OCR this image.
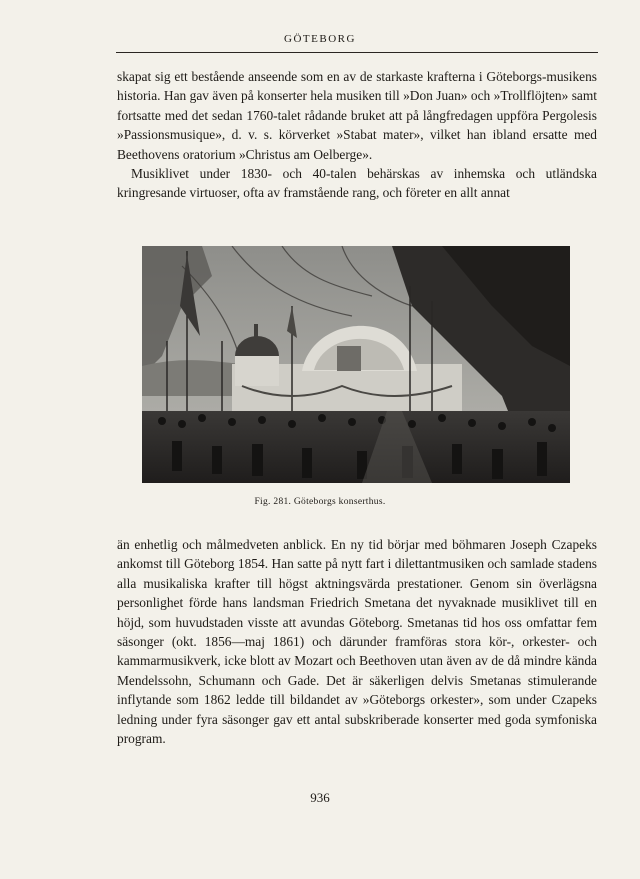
GÖTEBORG

skapat sig ett bestående anseende som en av de starkaste krafterna i Göteborgs-musikens historia. Han gav även på konserter hela musiken till »Don Juan» och »Trollflöjten» samt fortsatte med det sedan 1760-talet rådande bruket att på långfredagen uppföra Pergolesis »Passionsmusique», d. v. s. körverket »Stabat mater», vilket han ibland ersatte med Beethovens oratorium »Christus am Oelberge».
Musiklivet under 1830- och 40-talen behärskas av inhemska och utländska kringresande virtuoser, ofta av framstående rang, och företer en allt annat

Fig. 281. Göteborgs konserthus.

än enhetlig och målmedveten anblick. En ny tid börjar med böhmaren Joseph Czapeks ankomst till Göteborg 1854. Han satte på nytt fart i dilettantmusiken och samlade stadens alla musikaliska krafter till högst aktningsvärda prestationer. Genom sin överlägsna personlighet förde hans landsman Friedrich Smetana det nyvaknade musiklivet till en höjd, som huvudstaden visste att avundas Göteborg. Smetanas tid hos oss omfattar fem säsonger (okt. 1856—maj 1861) och därunder framföras stora kör-, orkester- och kammarmusikverk, icke blott av Mozart och Beethoven utan även av de då mindre kända Mendelssohn, Schumann och Gade. Det är säkerligen delvis Smetanas stimulerande inflytande som 1862 ledde till bildandet av »Göteborgs orkester», som under Czapeks ledning under fyra säsonger gav ett antal subskriberade konserter med goda symfoniska program.

936
